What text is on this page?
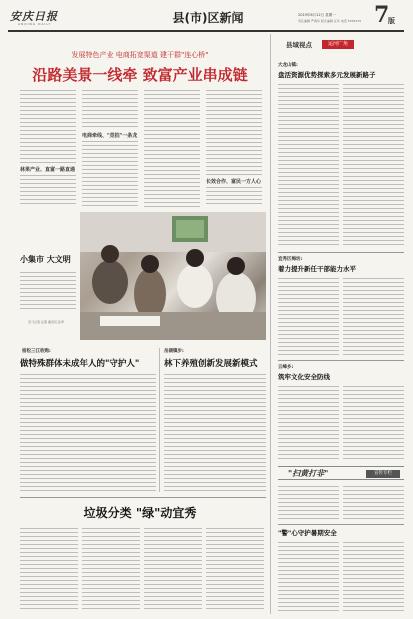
安庆日报
ANQING DAILY	县(市)区新闻	2019年8月12日 星期一
责任编辑 严春华 版式编辑 汪华 电话 5325315 7
版
发展特色产业 电商拓宽渠道 建干群"连心桥"
沿路美景一线牵 致富产业串成链
林果产业、直富一路直通
电商牵线、"竞拍"一条龙
长效合作、富民一方人心
小集市 大文明
见习记者 汪燕 通讯员 张翠
宿松三江收购:
做特殊群体未成年人的"守护人"
岳湖镇步:
林下养殖创新发展新模式
垃圾分类 "绿"动宜秀
县域视点	运河广角
大龙山镇:
盘活资源优势探索多元发展新路子
宜秀区梅坊:
着力提升新任干部能力水平
云峰乡:
筑牢文化安全防线
"扫黄打非"	宣传专栏
"警"心守护暑期安全
